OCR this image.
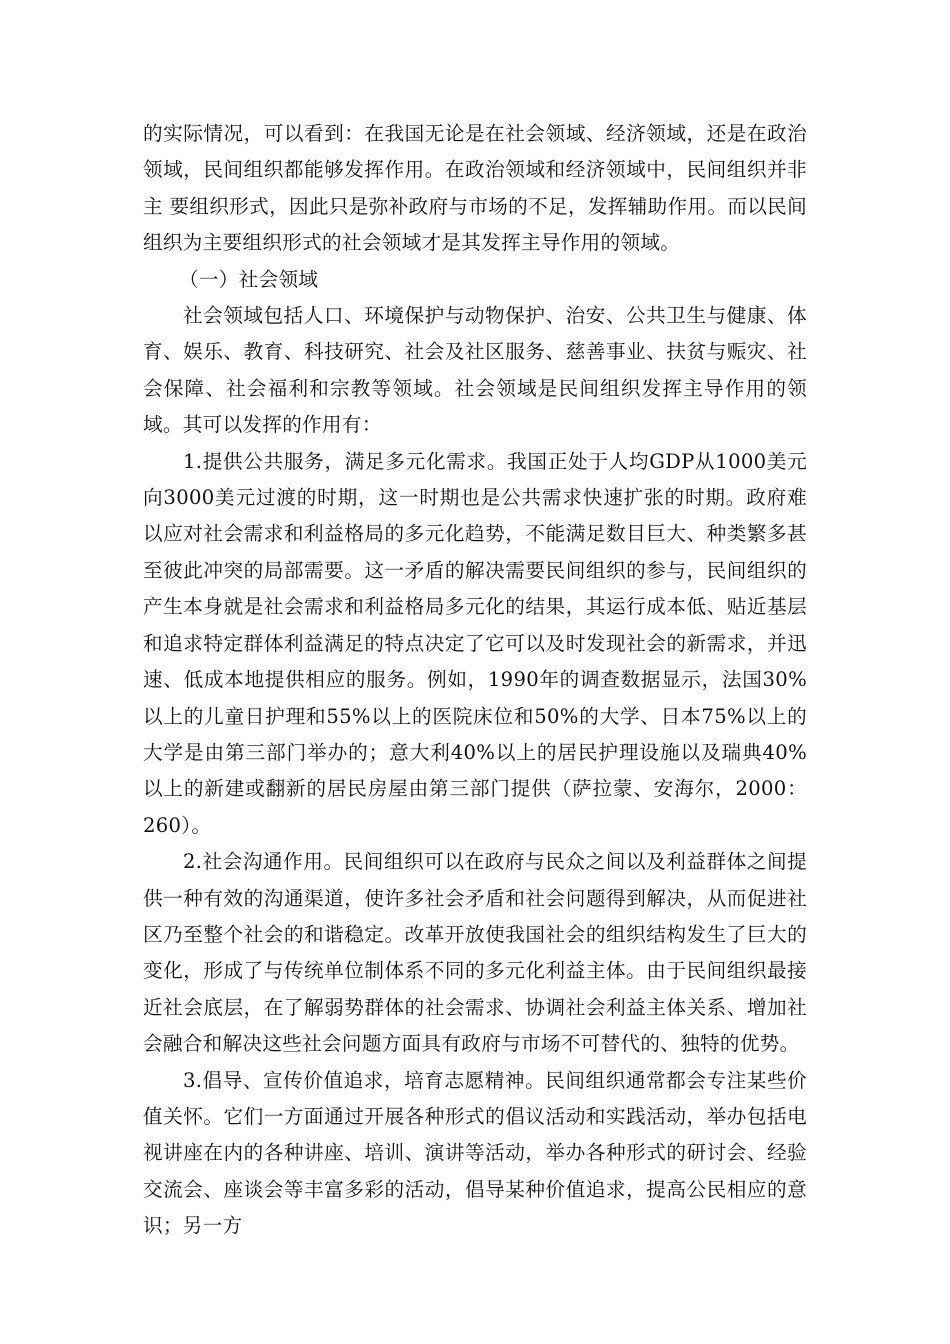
的实际情况，可以看到：在我国无论是在社会领域、经济领域，还是在政治领域，民间组织都能够发挥作用。在政治领域和经济领域中，民间组织并非主 要组织形式，因此只是弥补政府与市场的不足，发挥辅助作用。而以民间组织为主要组织形式的社会领域才是其发挥主导作用的领域。

（一）社会领域

社会领域包括人口、环境保护与动物保护、治安、公共卫生与健康、体育、娱乐、教育、科技研究、社会及社区服务、慈善事业、扶贫与赈灾、社会保障、社会福利和宗教等领域。社会领域是民间组织发挥主导作用的领域。其可以发挥的作用有：

1.提供公共服务，满足多元化需求。我国正处于人均GDP从1000美元向3000美元过渡的时期，这一时期也是公共需求快速扩张的时期。政府难以应对社会需求和利益格局的多元化趋势，不能满足数目巨大、种类繁多甚至彼此冲突的局部需要。这一矛盾的解决需要民间组织的参与，民间组织的产生本身就是社会需求和利益格局多元化的结果，其运行成本低、贴近基层和追求特定群体利益满足的特点决定了它可以及时发现社会的新需求，并迅速、低成本地提供相应的服务。例如，1990年的调查数据显示，法国30%以上的儿童日护理和55%以上的医院床位和50%的大学、日本75%以上的大学是由第三部门举办的；意大利40%以上的居民护理设施以及瑞典40%以上的新建或翻新的居民房屋由第三部门提供（萨拉蒙、安海尔，2000：260）。

2.社会沟通作用。民间组织可以在政府与民众之间以及利益群体之间提供一种有效的沟通渠道，使许多社会矛盾和社会问题得到解决，从而促进社区乃至整个社会的和谐稳定。改革开放使我国社会的组织结构发生了巨大的变化，形成了与传统单位制体系不同的多元化利益主体。由于民间组织最接近社会底层，在了解弱势群体的社会需求、协调社会利益主体关系、增加社会融合和解决这些社会问题方面具有政府与市场不可替代的、独特的优势。

3.倡导、宣传价值追求，培育志愿精神。民间组织通常都会专注某些价值关怀。它们一方面通过开展各种形式的倡议活动和实践活动，举办包括电视讲座在内的各种讲座、培训、演讲等活动，举办各种形式的研讨会、经验交流会、座谈会等丰富多彩的活动，倡导某种价值追求，提高公民相应的意识；另一方
